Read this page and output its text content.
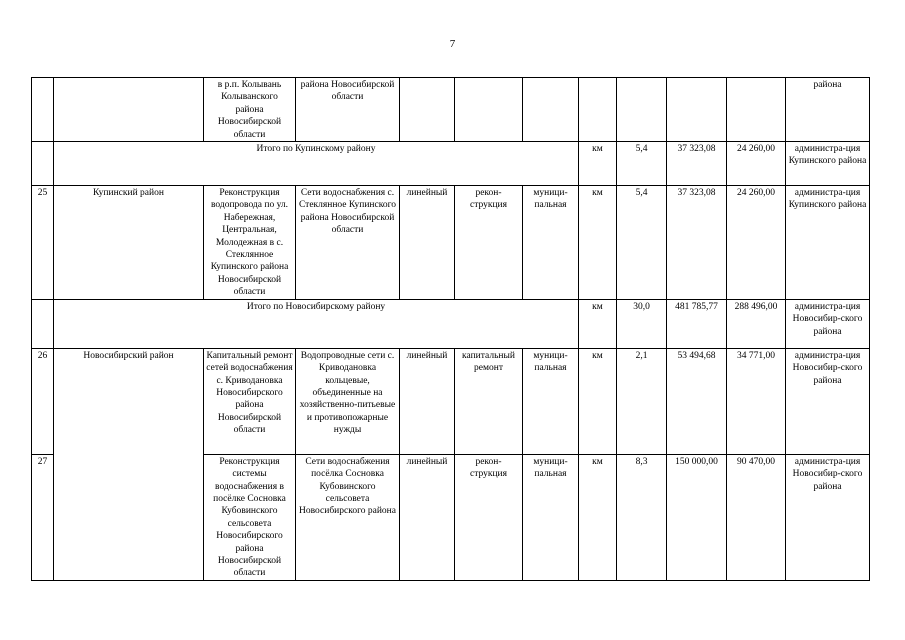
7
		в р.п. Колывань Колыванского района Новосибирской области	района Новосибирской области								района
	Итого по Купинскому району						км	5,4	37 323,08	24 260,00	администра-ция Купинского района
25	Купинский район	Реконструкция водопровода по ул. Набережная, Центральная, Молодежная в с. Стеклянное Купинского района Новосибирской области	Сети водоснабжения с. Стеклянное Купинского района Новосибирской области	линейный	рекон-струкция	муници-пальная	км	5,4	37 323,08	24 260,00	администра-ция Купинского района
	Итого по Новосибирскому району						км	30,0	481 785,77	288 496,00	администра-ция Новосибир-ского района
26	Новосибирский район	Капитальный ремонт сетей водоснабжения с. Криводановка Новосибирского района Новосибирской области	Водопроводные сети с. Криводановка кольцевые, объединенные на хозяйственно-питьевые и противопожарные нужды	линейный	капитальный ремонт	муници-пальная	км	2,1	53 494,68	34 771,00	администра-ция Новосибир-ского района
27		Реконструкция системы водоснабжения в посёлке Сосновка Кубовинского сельсовета Новосибирского района Новосибирской области	Сети водоснабжения посёлка Сосновка Кубовинского сельсовета Новосибирского района	линейный	рекон-струкция	муници-пальная	км	8,3	150 000,00	90 470,00	администра-ция Новосибир-ского района
